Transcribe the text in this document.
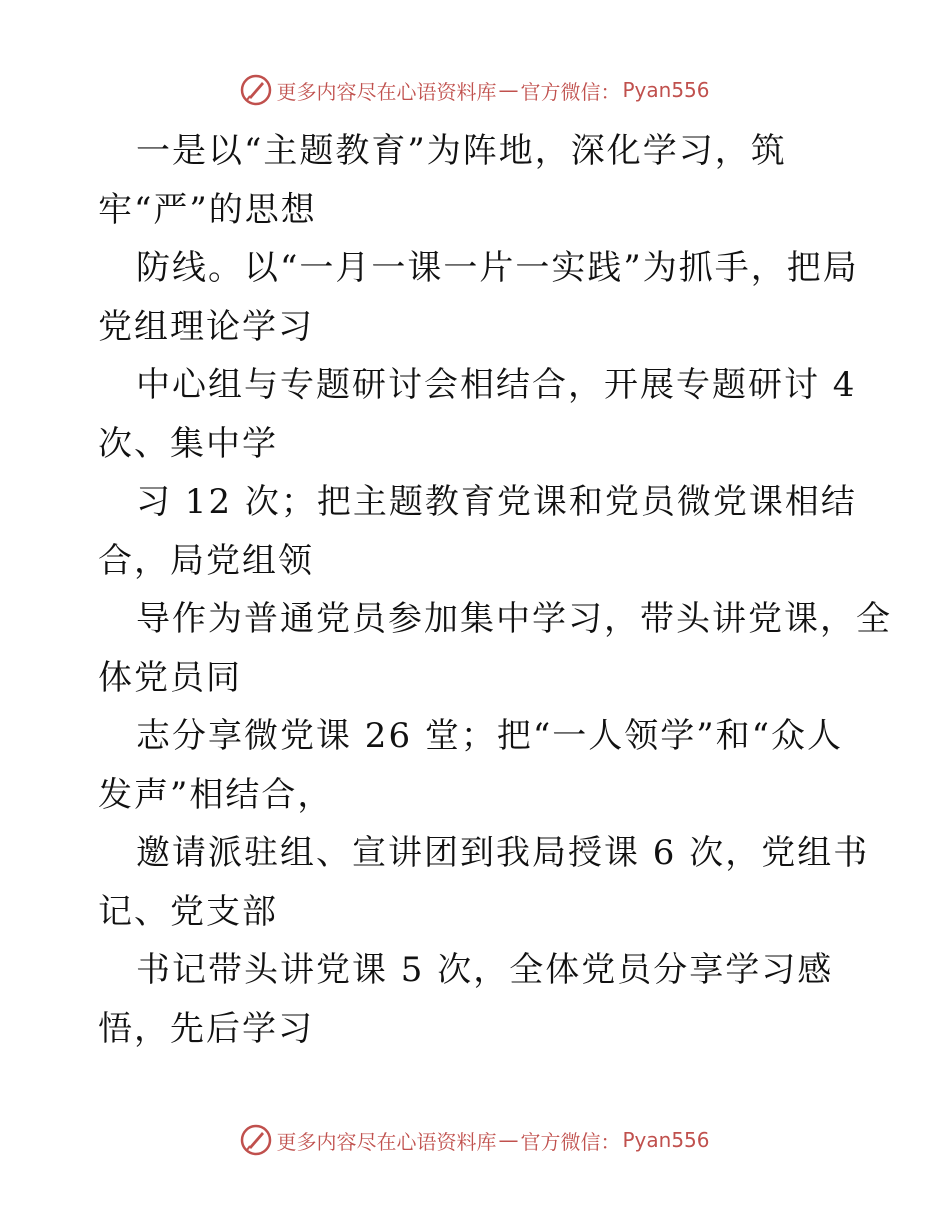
更多内容尽在心语资料库 — 官方微信： Pyan556
一是以“主题教育”为阵地，深化学习，筑
牢“严”的思想
防线。以“一月一课一片一实践”为抓手，把局
党组理论学习
中心组与专题研讨会相结合，开展专题研讨 4
次、集中学
习 12 次；把主题教育党课和党员微党课相结
合，局党组领
导作为普通党员参加集中学习，带头讲党课，全
体党员同
志分享微党课 26 堂；把“一人领学”和“众人
发声”相结合，
邀请派驻组、宣讲团到我局授课 6 次，党组书
记、党支部
书记带头讲党课 5 次，全体党员分享学习感
悟，先后学习
更多内容尽在心语资料库 — 官方微信： Pyan556
